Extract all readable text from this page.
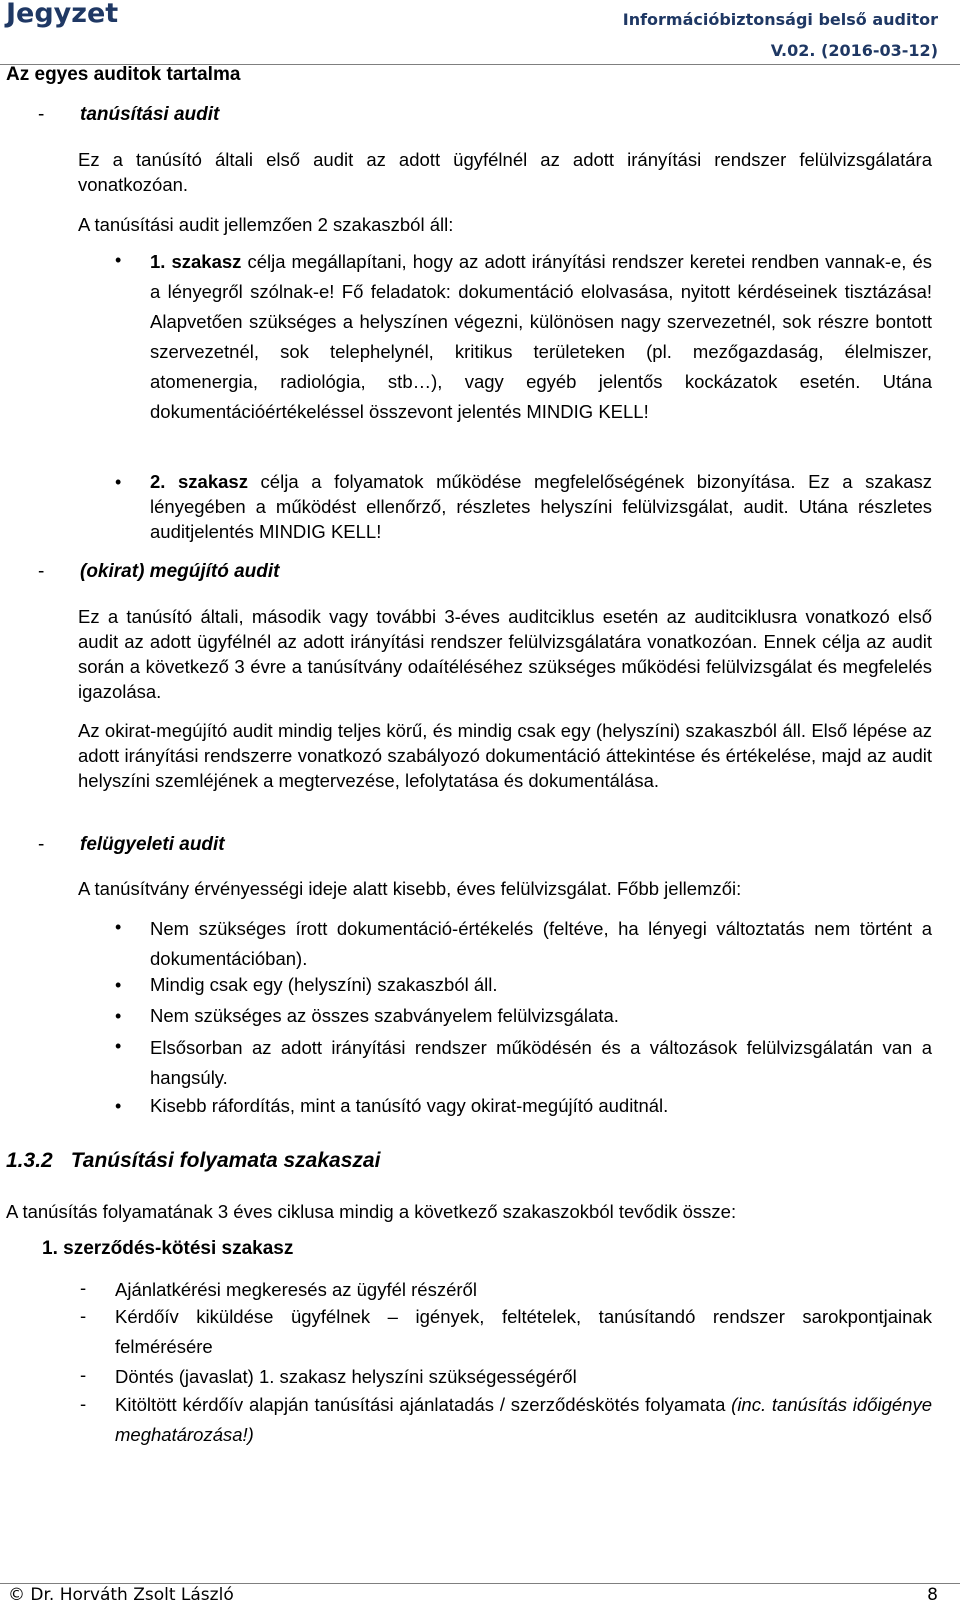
Jegyzet	Információbiztonsági belső auditor
V.02. (2016-03-12)
Az egyes auditok tartalma
- tanúsítási audit
Ez a tanúsító általi első audit az adott ügyfélnél az adott irányítási rendszer felülvizsgálatára vonatkozóan.
A tanúsítási audit jellemzően 2 szakaszból áll:
• 1. szakasz célja megállapítani, hogy az adott irányítási rendszer keretei rendben vannak-e, és a lényegről szólnak-e! Fő feladatok: dokumentáció elolvasása, nyitott kérdéseinek tisztázása! Alapvetően szükséges a helyszínen végezni, különösen nagy szervezetnél, sok részre bontott szervezetnél, sok telephelynél, kritikus területeken (pl. mezőgazdaság, élelmiszer, atomenergia, radiológia, stb…), vagy egyéb jelentős kockázatok esetén. Utána dokumentációértékeléssel összevont jelentés MINDIG KELL!
• 2. szakasz célja a folyamatok működése megfelelőségének bizonyítása. Ez a szakasz lényegében a működést ellenőrző, részletes helyszíni felülvizsgálat, audit. Utána részletes auditjelentés MINDIG KELL!
- (okirat) megújító audit
Ez a tanúsító általi, második vagy további 3-éves auditciklus esetén az auditciklusra vonatkozó első audit az adott ügyfélnél az adott irányítási rendszer felülvizsgálatára vonatkozóan. Ennek célja az audit során a következő 3 évre a tanúsítvány odaítéléséhez szükséges működési felülvizsgálat és megfelelés igazolása.
Az okirat-megújító audit mindig teljes körű, és mindig csak egy (helyszíni) szakaszból áll. Első lépése az adott irányítási rendszerre vonatkozó szabályozó dokumentáció áttekintése és értékelése, majd az audit helyszíni szemléjének a megtervezése, lefolytatása és dokumentálása.
- felügyeleti audit
A tanúsítvány érvényességi ideje alatt kisebb, éves felülvizsgálat. Főbb jellemzői:
• Nem szükséges írott dokumentáció-értékelés (feltéve, ha lényegi változtatás nem történt a dokumentációban).
• Mindig csak egy (helyszíni) szakaszból áll.
• Nem szükséges az összes szabványelem felülvizsgálata.
• Elsősorban az adott irányítási rendszer működésén és a változások felülvizsgálatán van a hangsúly.
• Kisebb ráfordítás, mint a tanúsító vagy okirat-megújító auditnál.
1.3.2 Tanúsítási folyamata szakaszai
A tanúsítás folyamatának 3 éves ciklusa mindig a következő szakaszokból tevődik össze:
1. szerződés-kötési szakasz
- Ajánlatkérési megkeresés az ügyfél részéről
- Kérdőív kiküldése ügyfélnek – igények, feltételek, tanúsítandó rendszer sarokpontjainak felmérésére
- Döntés (javaslat) 1. szakasz helyszíni szükségességéről
- Kitöltött kérdőív alapján tanúsítási ajánlatadás / szerződéskötés folyamata (inc. tanúsítás időigénye meghatározása!)
© Dr. Horváth Zsolt László	8
